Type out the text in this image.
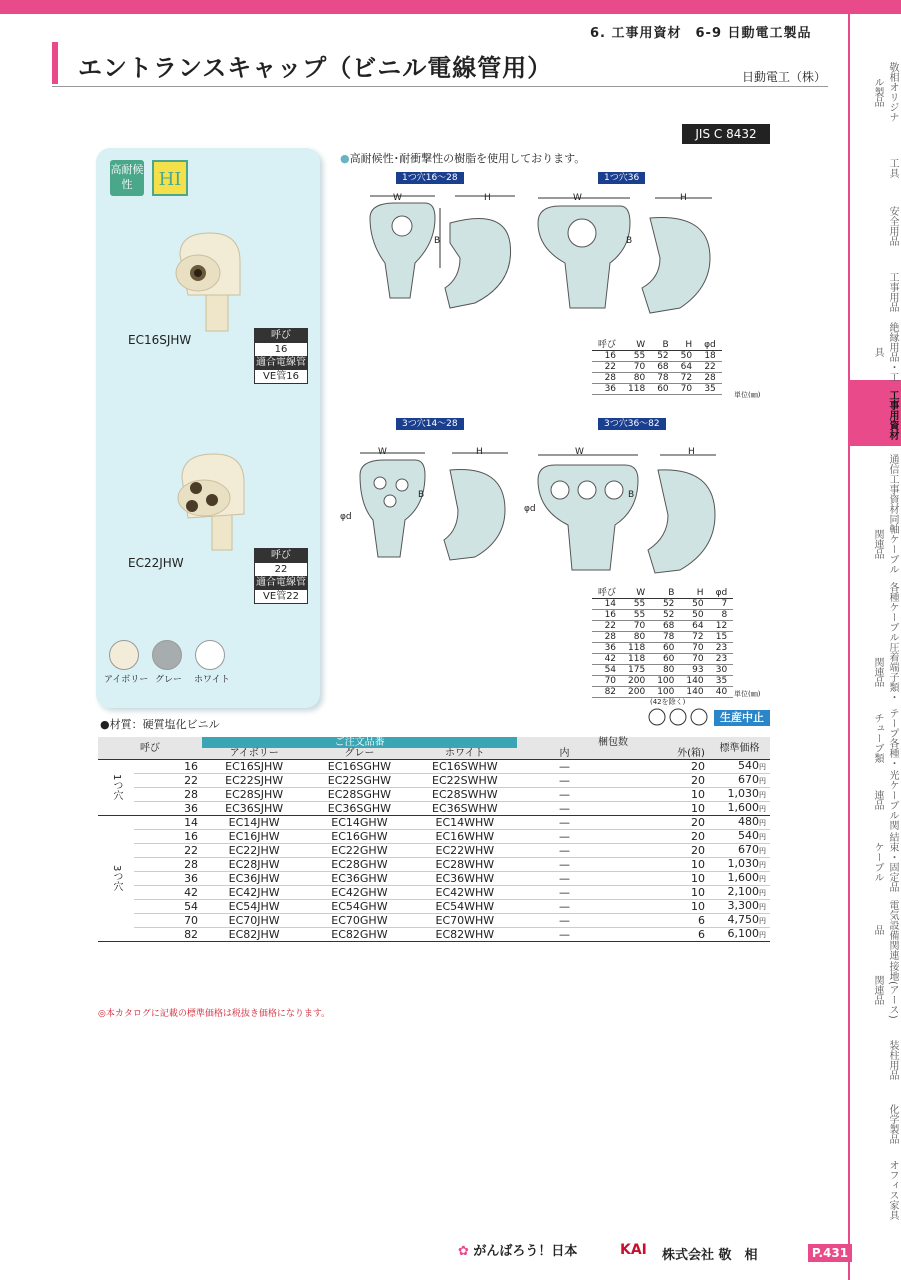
6. 工事用資材　6-9 日動電工製品
エントランスキャップ（ビニル電線管用）	日動電工（株）
JIS C 8432
高耐候性	HI
EC16SJHW	呼び
16
適合電線管
VE管16
EC22JHW
呼び
22
適合電線管
VE管22
アイボリー グレー ホワイト
●高耐候性･耐衝撃性の樹脂を使用しております。
1つ穴16～28	1つ穴36
3つ穴14～28	3つ穴36～82
W	H
B
W	H
B
呼び	W	B	H	φd
16	55	52	50	18
22	70	68	64	22
28	80	78	72	28
36	118	60	70	35
単位(㎜)
W	H
B
φd
W	H
B
φd
呼び	W	B	H	φd
14	55	52	50	7
16	55	52	50	8
22	70	68	64	12
28	80	78	72	15
36	118	60	70	23
42	118	60	70	23
54	175	80	93	30
70	200	100	140	35
82	200	100	140	40 単位(㎜)
●材質：硬質塩化ビニル
(42を除く)
生産中止
呼び		ご注文品番			梱包数		標準価格
		アイボリー	グレー	ホワイト	内	外(箱)	
1つ穴	16	EC16SJHW	EC16SGHW	EC16SWHW	—	20	540円
	22	EC22SJHW	EC22SGHW	EC22SWHW	—	20	670円
	28	EC28SJHW	EC28SGHW	EC28SWHW	—	10	1,030円
	36	EC36SJHW	EC36SGHW	EC36SWHW	—	10	1,600円
3つ穴	14	EC14JHW	EC14GHW	EC14WHW	—	20	480円
	16	EC16JHW	EC16GHW	EC16WHW	—	20	540円
	22	EC22JHW	EC22GHW	EC22WHW	—	20	670円
	28	EC28JHW	EC28GHW	EC28WHW	—	10	1,030円
	36	EC36JHW	EC36GHW	EC36WHW	—	10	1,600円
	42	EC42JHW	EC42GHW	EC42WHW	—	10	2,100円
	54	EC54JHW	EC54GHW	EC54WHW	—	10	3,300円
	70	EC70JHW	EC70GHW	EC70WHW	—	6	4,750円
	82	EC82JHW	EC82GHW	EC82WHW	—	6	6,100円
◎本カタログに記載の標準価格は税抜き価格になります。
敬相オリジナル製品
工具
安全用品
工事用品
絶縁用品・工具
工事用資材
通信工事資材
同軸ケーブル関連品
各種ケーブル
圧着端子類・関連品
テープ各種・チューブ類
光ケーブル関連品
結束・固定品ケーブル
電気設備関連品
接地(アース)関連品
装柱用品
化学製品
オフィス家具
✿ がんばろう！日本	KAI 株式会社 敬　相	P.431
